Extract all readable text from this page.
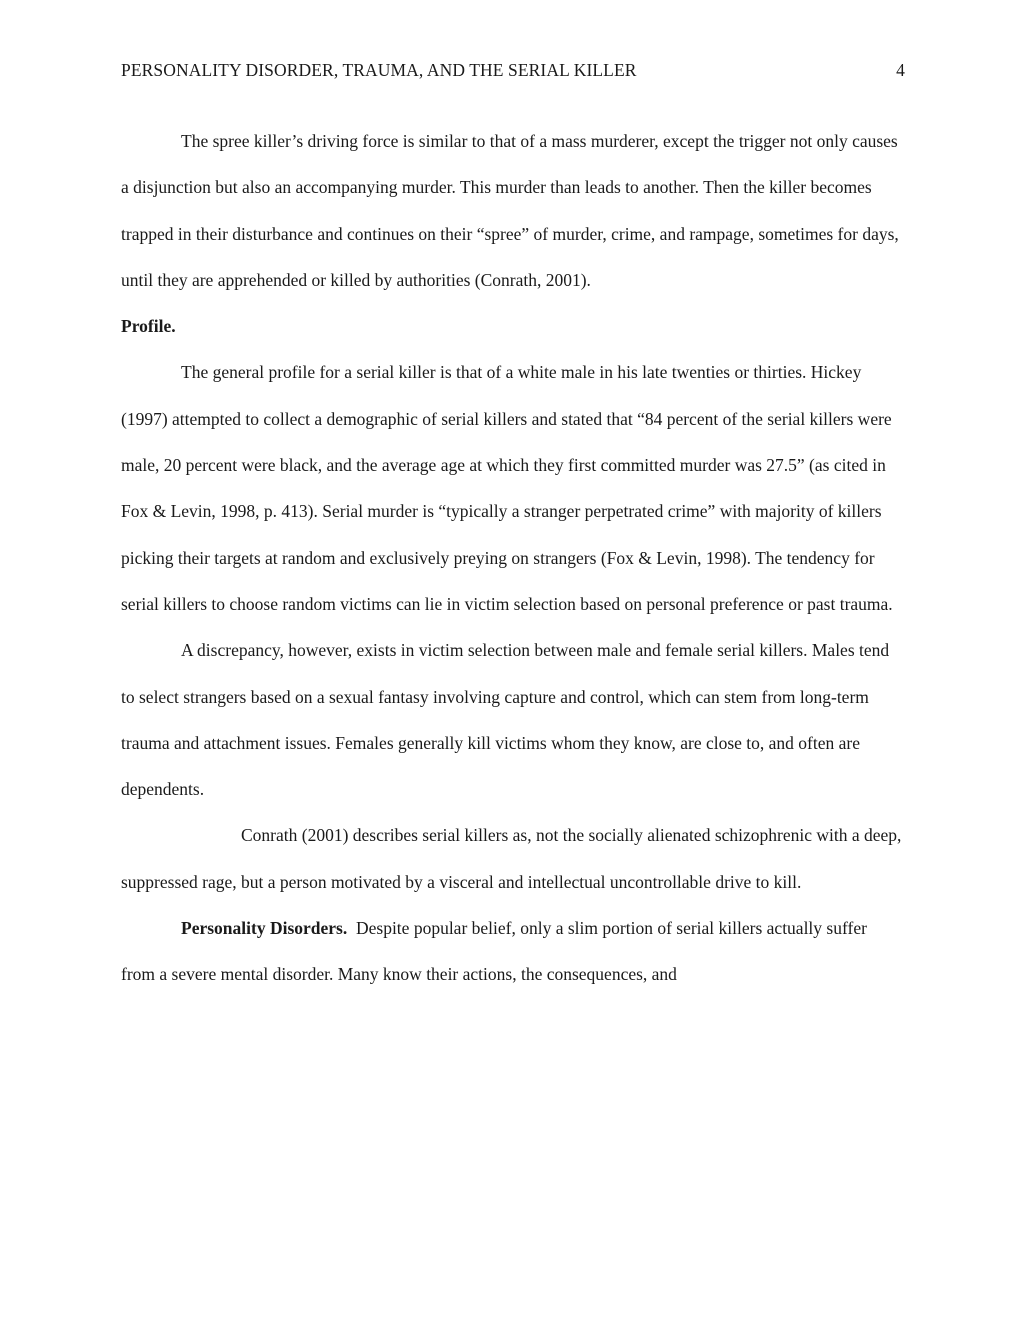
PERSONALITY DISORDER, TRAUMA, AND THE SERIAL KILLER	4

The spree killer’s driving force is similar to that of a mass murderer, except the trigger not only causes a disjunction but also an accompanying murder. This murder than leads to another. Then the killer becomes trapped in their disturbance and continues on their “spree” of murder, crime, and rampage, sometimes for days, until they are apprehended or killed by authorities (Conrath, 2001).

Profile.

The general profile for a serial killer is that of a white male in his late twenties or thirties. Hickey (1997) attempted to collect a demographic of serial killers and stated that “84 percent of the serial killers were male, 20 percent were black, and the average age at which they first committed murder was 27.5” (as cited in Fox & Levin, 1998, p. 413). Serial murder is “typically a stranger perpetrated crime” with majority of killers picking their targets at random and exclusively preying on strangers (Fox & Levin, 1998). The tendency for serial killers to choose random victims can lie in victim selection based on personal preference or past trauma.

A discrepancy, however, exists in victim selection between male and female serial killers. Males tend to select strangers based on a sexual fantasy involving capture and control, which can stem from long-term trauma and attachment issues. Females generally kill victims whom they know, are close to, and often are dependents.

Conrath (2001) describes serial killers as, not the socially alienated schizophrenic with a deep, suppressed rage, but a person motivated by a visceral and intellectual uncontrollable drive to kill.

Personality Disorders. Despite popular belief, only a slim portion of serial killers actually suffer from a severe mental disorder. Many know their actions, the consequences, and
